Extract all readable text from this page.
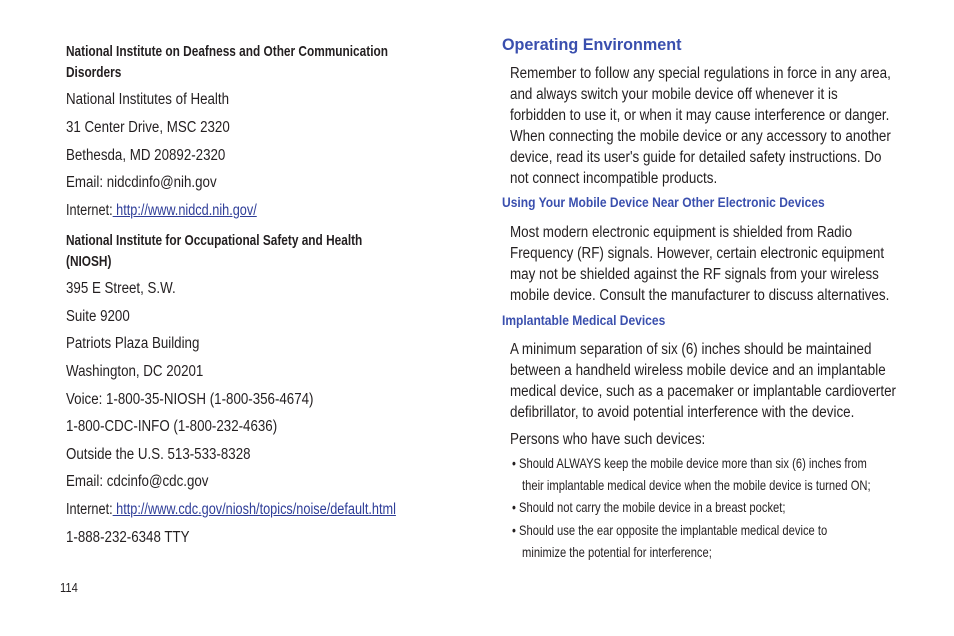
National Institute on Deafness and Other Communication
Disorders
National Institutes of Health
31 Center Drive, MSC 2320
Bethesda, MD 20892-2320
Email: nidcdinfo@nih.gov
Internet: http://www.nidcd.nih.gov/
National Institute for Occupational Safety and Health
(NIOSH)
395 E Street, S.W.
Suite 9200
Patriots Plaza Building
Washington, DC 20201
Voice: 1-800-35-NIOSH (1-800-356-4674)
1-800-CDC-INFO (1-800-232-4636)
Outside the U.S. 513-533-8328
Email: cdcinfo@cdc.gov
Internet: http://www.cdc.gov/niosh/topics/noise/default.html
1-888-232-6348 TTY
114
Operating Environment
Remember to follow any special regulations in force in any area,
and always switch your mobile device off whenever it is
forbidden to use it, or when it may cause interference or danger.
When connecting the mobile device or any accessory to another
device, read its user's guide for detailed safety instructions. Do
not connect incompatible products.
Using Your Mobile Device Near Other Electronic Devices
Most modern electronic equipment is shielded from Radio
Frequency (RF) signals. However, certain electronic equipment
may not be shielded against the RF signals from your wireless
mobile device. Consult the manufacturer to discuss alternatives.
Implantable Medical Devices
A minimum separation of six (6) inches should be maintained
between a handheld wireless mobile device and an implantable
medical device, such as a pacemaker or implantable cardioverter
defibrillator, to avoid potential interference with the device.
Persons who have such devices:
• Should ALWAYS keep the mobile device more than six (6) inches from
their implantable medical device when the mobile device is turned ON;
• Should not carry the mobile device in a breast pocket;
• Should use the ear opposite the implantable medical device to
minimize the potential for interference;
